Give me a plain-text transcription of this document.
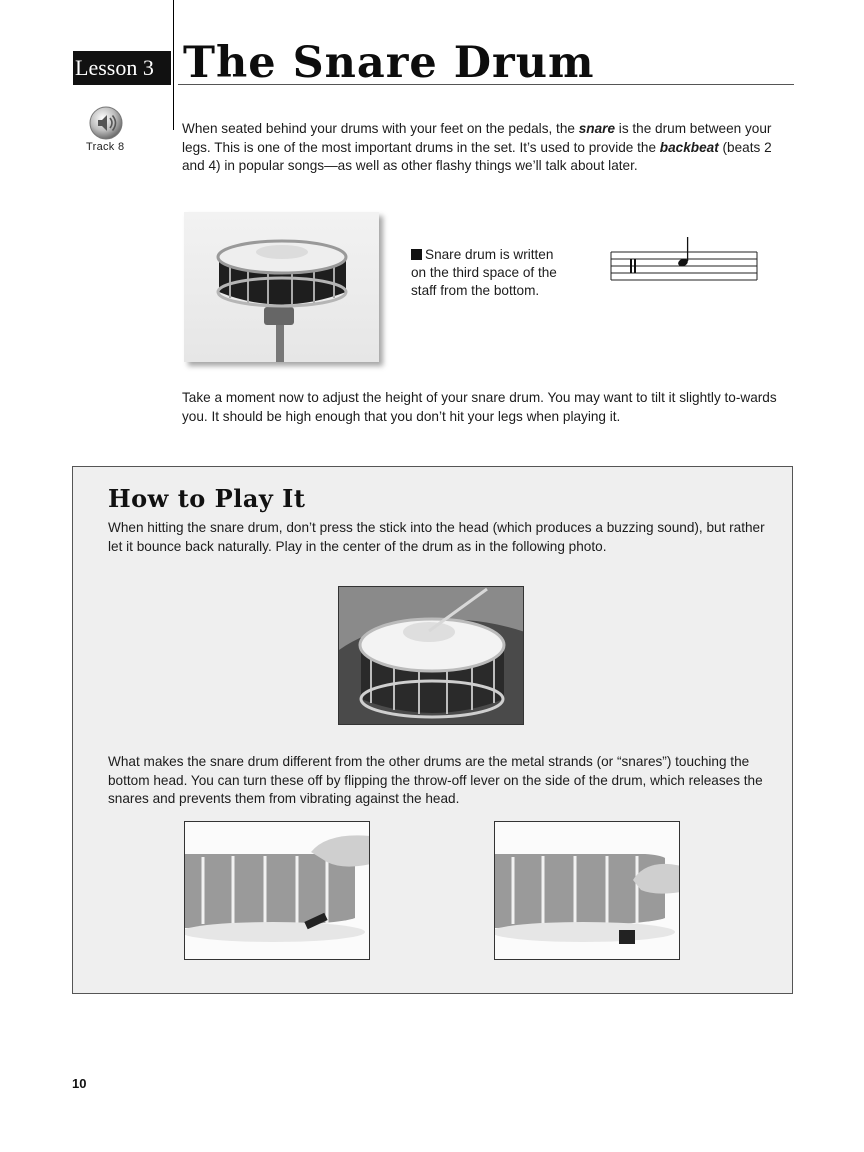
Lesson 3 The Snare Drum
Track 8

When seated behind your drums with your feet on the pedals, the snare is the drum between your legs. This is one of the most important drums in the set. It’s used to provide the backbeat (beats 2 and 4) in popular songs—as well as other flashy things we’ll talk about later.

Snare drum is written on the third space of the staff from the bottom.

Take a moment now to adjust the height of your snare drum. You may want to tilt it slightly to-wards you. It should be high enough that you don’t hit your legs when playing it.

How to Play It

When hitting the snare drum, don’t press the stick into the head (which produces a buzzing sound), but rather let it bounce back naturally. Play in the center of the drum as in the following photo.

What makes the snare drum different from the other drums are the metal strands (or “snares”) touching the bottom head. You can turn these off by flipping the throw-off lever on the side of the drum, which releases the snares and prevents them from vibrating against the head.

10
